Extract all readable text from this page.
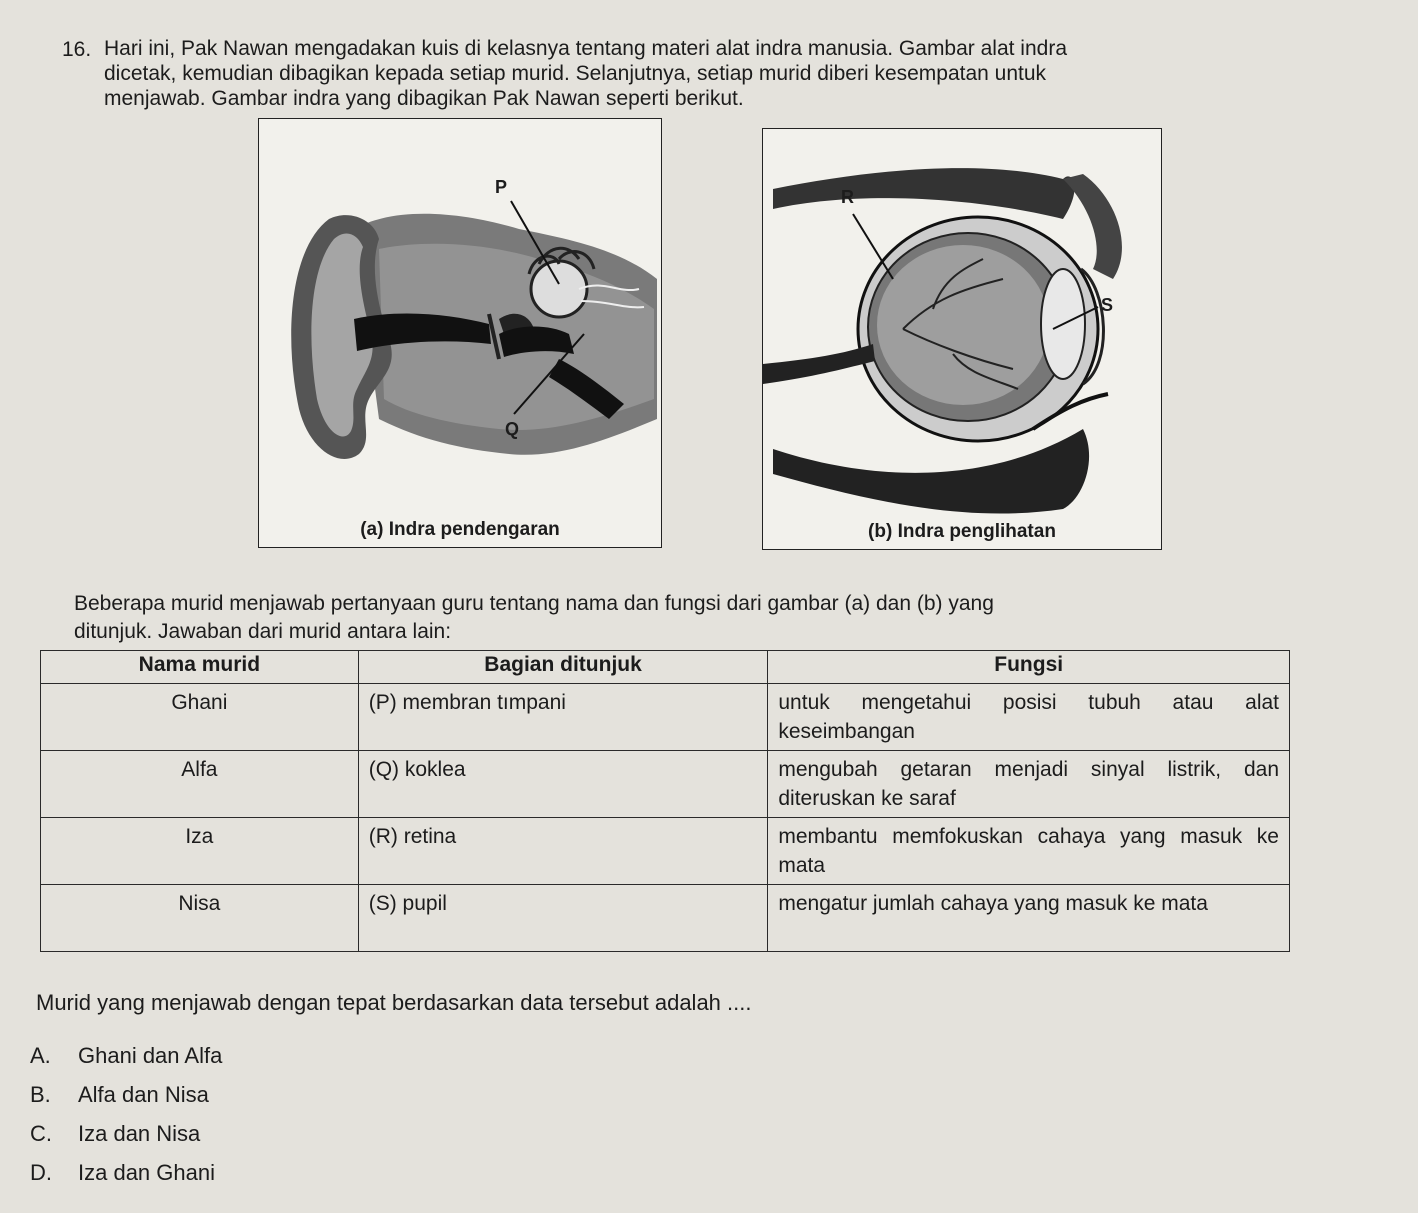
16. Hari ini, Pak Nawan mengadakan kuis di kelasnya tentang materi alat indra manusia. Gambar alat indra
dicetak, kemudian dibagikan kepada setiap murid. Selanjutnya, setiap murid diberi kesempatan untuk
menjawab. Gambar indra yang dibagikan Pak Nawan seperti berikut.
P
Q
(a) Indra pendengaran
R
S
(b) Indra penglihatan
Beberapa murid menjawab pertanyaan guru tentang nama dan fungsi dari gambar (a) dan (b) yang
ditunjuk. Jawaban dari murid antara lain:
Nama murid	Bagian ditunjuk	Fungsi
Ghani	(P) membran tımpani	untuk mengetahui posisi tubuh atau alat keseimbangan
Alfa	(Q) koklea	mengubah getaran menjadi sinyal listrik, dan diteruskan ke saraf
Iza	(R) retina	membantu memfokuskan cahaya yang masuk ke mata
Nisa	(S) pupil	mengatur jumlah cahaya yang masuk ke mata
Murid yang menjawab dengan tepat berdasarkan data tersebut adalah ....
A. Ghani dan Alfa
B. Alfa dan Nisa
C. Iza dan Nisa
D. Iza dan Ghani
